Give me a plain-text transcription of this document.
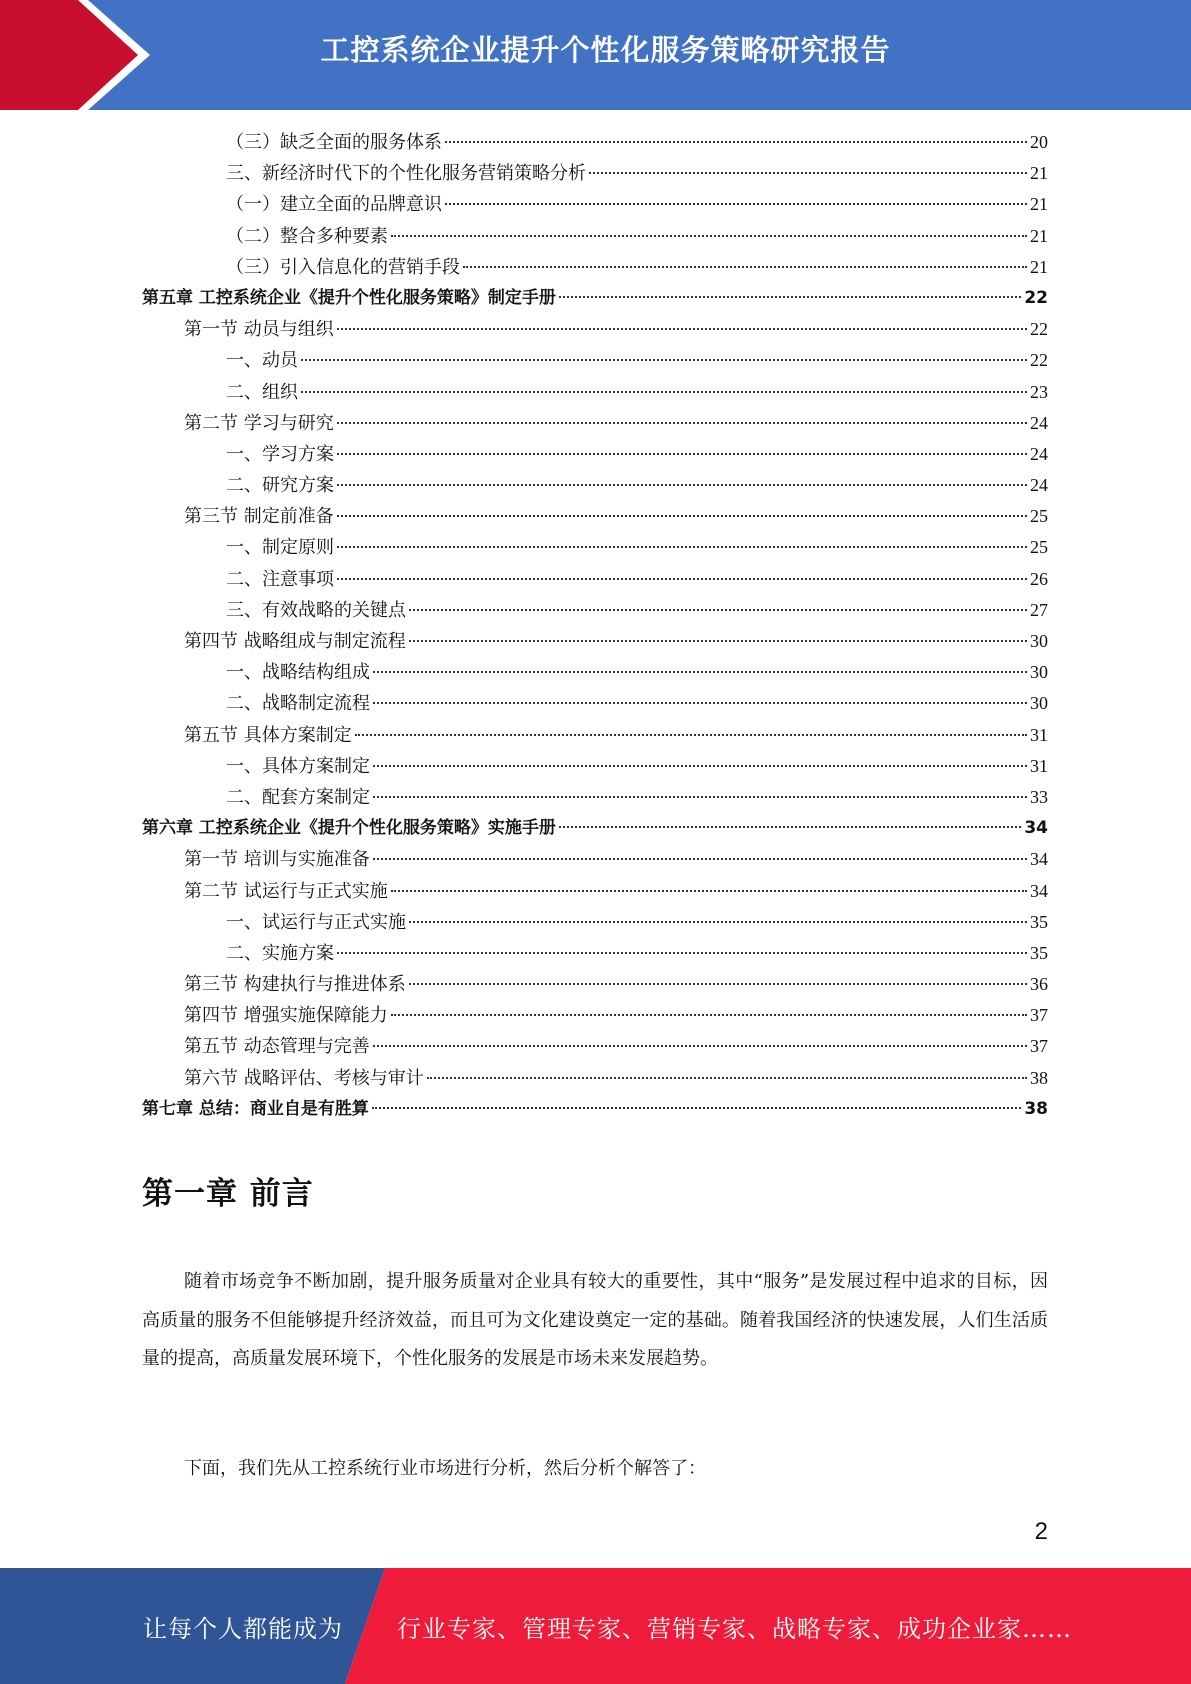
工控系统企业提升个性化服务策略研究报告
（三）缺乏全面的服务体系	20
三、新经济时代下的个性化服务营销策略分析	21
（一）建立全面的品牌意识	21
（二）整合多种要素	21
（三）引入信息化的营销手段	21
第五章 工控系统企业《提升个性化服务策略》制定手册	22
第一节 动员与组织	22
一、动员	22
二、组织	23
第二节 学习与研究	24
一、学习方案	24
二、研究方案	24
第三节 制定前准备	25
一、制定原则	25
二、注意事项	26
三、有效战略的关键点	27
第四节 战略组成与制定流程	30
一、战略结构组成	30
二、战略制定流程	30
第五节 具体方案制定	31
一、具体方案制定	31
二、配套方案制定	33
第六章 工控系统企业《提升个性化服务策略》实施手册	34
第一节 培训与实施准备	34
第二节 试运行与正式实施	34
一、试运行与正式实施	35
二、实施方案	35
第三节 构建执行与推进体系	36
第四节 增强实施保障能力	37
第五节 动态管理与完善	37
第六节 战略评估、考核与审计	38
第七章 总结：商业自是有胜算	38
第一章 前言

随着市场竞争不断加剧，提升服务质量对企业具有较大的重要性，其中“服务”是发展过程中追求的目标，因高质量的服务不但能够提升经济效益，而且可为文化建设奠定一定的基础。随着我国经济的快速发展，人们生活质量的提高，高质量发展环境下，个性化服务的发展是市场未来发展趋势。

下面，我们先从工控系统行业市场进行分析，然后分析个解答了：

2
让每个人都能成为 行业专家、管理专家、营销专家、战略专家、成功企业家……
